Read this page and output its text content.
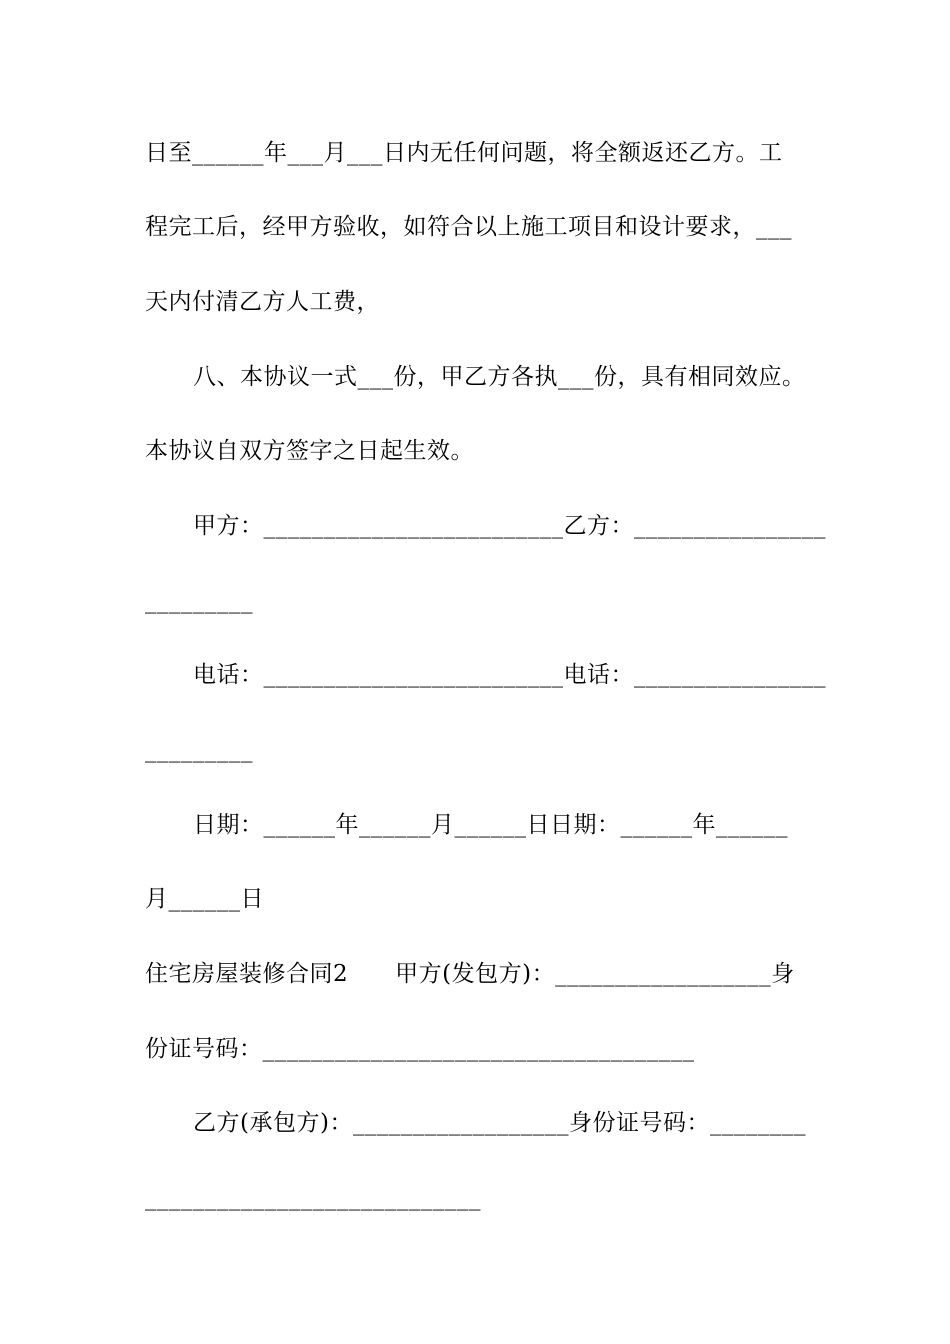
日至______年___月___日内无任何问题，将全额返还乙方。工
程完工后，经甲方验收，如符合以上施工项目和设计要求，___
天内付清乙方人工费，
八、本协议一式___份，甲乙方各执___份，具有相同效应。
本协议自双方签字之日起生效。
甲方：_________________________乙方：________________
_________
电话：_________________________电话：________________
_________
日期：______年______月______日日期：______年______
月______日
住宅房屋装修合同2　　甲方(发包方)：__________________身
份证号码：____________________________________
乙方(承包方)：__________________身份证号码：________
____________________________
